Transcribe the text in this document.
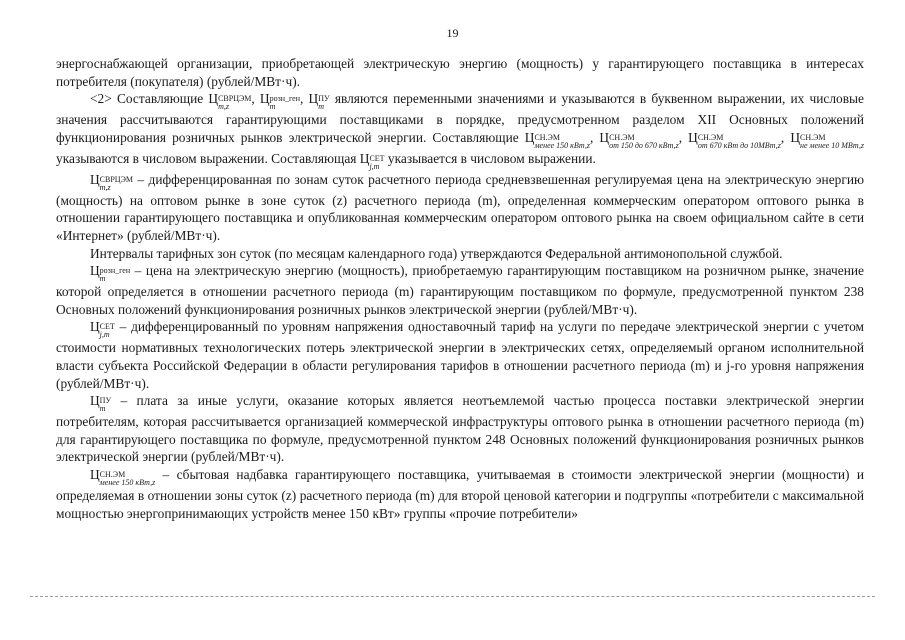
19

энергоснабжающей организации, приобретающей электрическую энергию (мощность) у гарантирующего поставщика в интересах потребителя (покупателя) (рублей/МВт·ч).

<2> Составляющие Ц СВРЦЭМ
m,z
, Ц розн_ген
m
, Ц ПУ
m
являются переменными значениями и указываются в буквенном выражении, их числовые значения рассчитываются гарантирующими поставщиками в порядке, предусмотренном разделом XII Основных положений функционирования розничных рынков электрической энергии. Составляющие Ц СН.ЭМ
менее 150 кВт,z
, Ц СН.ЭМ
от 150 до 670 кВт,z
, Ц СН.ЭМ
от 670 кВт до 10МВт,z
, Ц СН.ЭМ
не менее 10 МВт,z
указываются в числовом выражении. Составляющая Ц СЕТ
j,m
указывается в числовом выражении.

Ц СВРЦЭМ
m,z
– дифференцированная по зонам суток расчетного периода средневзвешенная регулируемая цена на электрическую энергию (мощность) на оптовом рынке в зоне суток (z) расчетного периода (m), определенная коммерческим оператором оптового рынка в отношении гарантирующего поставщика и опубликованная коммерческим оператором оптового рынка на своем официальном сайте в сети «Интернет» (рублей/МВт·ч).

Интервалы тарифных зон суток (по месяцам календарного года) утверждаются Федеральной антимонопольной службой.

Ц розн_ген
m
– цена на электрическую энергию (мощность), приобретаемую гарантирующим поставщиком на розничном рынке, значение которой определяется в отношении расчетного периода (m) гарантирующим поставщиком по формуле, предусмотренной пунктом 238 Основных положений функционирования розничных рынков электрической энергии (рублей/МВт·ч).

Ц СЕТ
j,m
– дифференцированный по уровням напряжения одноставочный тариф на услуги по передаче электрической энергии с учетом стоимости нормативных технологических потерь электрической энергии в электрических сетях, определяемый органом исполнительной власти субъекта Российской Федерации в области регулирования тарифов в отношении расчетного периода (m) и j-го уровня напряжения (рублей/МВт·ч).

Ц ПУ
m
– плата за иные услуги, оказание которых является неотъемлемой частью процесса поставки электрической энергии потребителям, которая рассчитывается организацией коммерческой инфраструктуры оптового рынка в отношении расчетного периода (m) для гарантирующего поставщика по формуле, предусмотренной пунктом 248 Основных положений функционирования розничных рынков электрической энергии (рублей/МВт·ч).

Ц СН.ЭМ
менее 150 кВт,z
– сбытовая надбавка гарантирующего поставщика, учитываемая в стоимости электрической энергии (мощности) и определяемая в отношении зоны суток (z) расчетного периода (m) для второй ценовой категории и подгруппы «потребители с максимальной мощностью энергопринимающих устройств менее 150 кВт» группы «прочие потребители»
